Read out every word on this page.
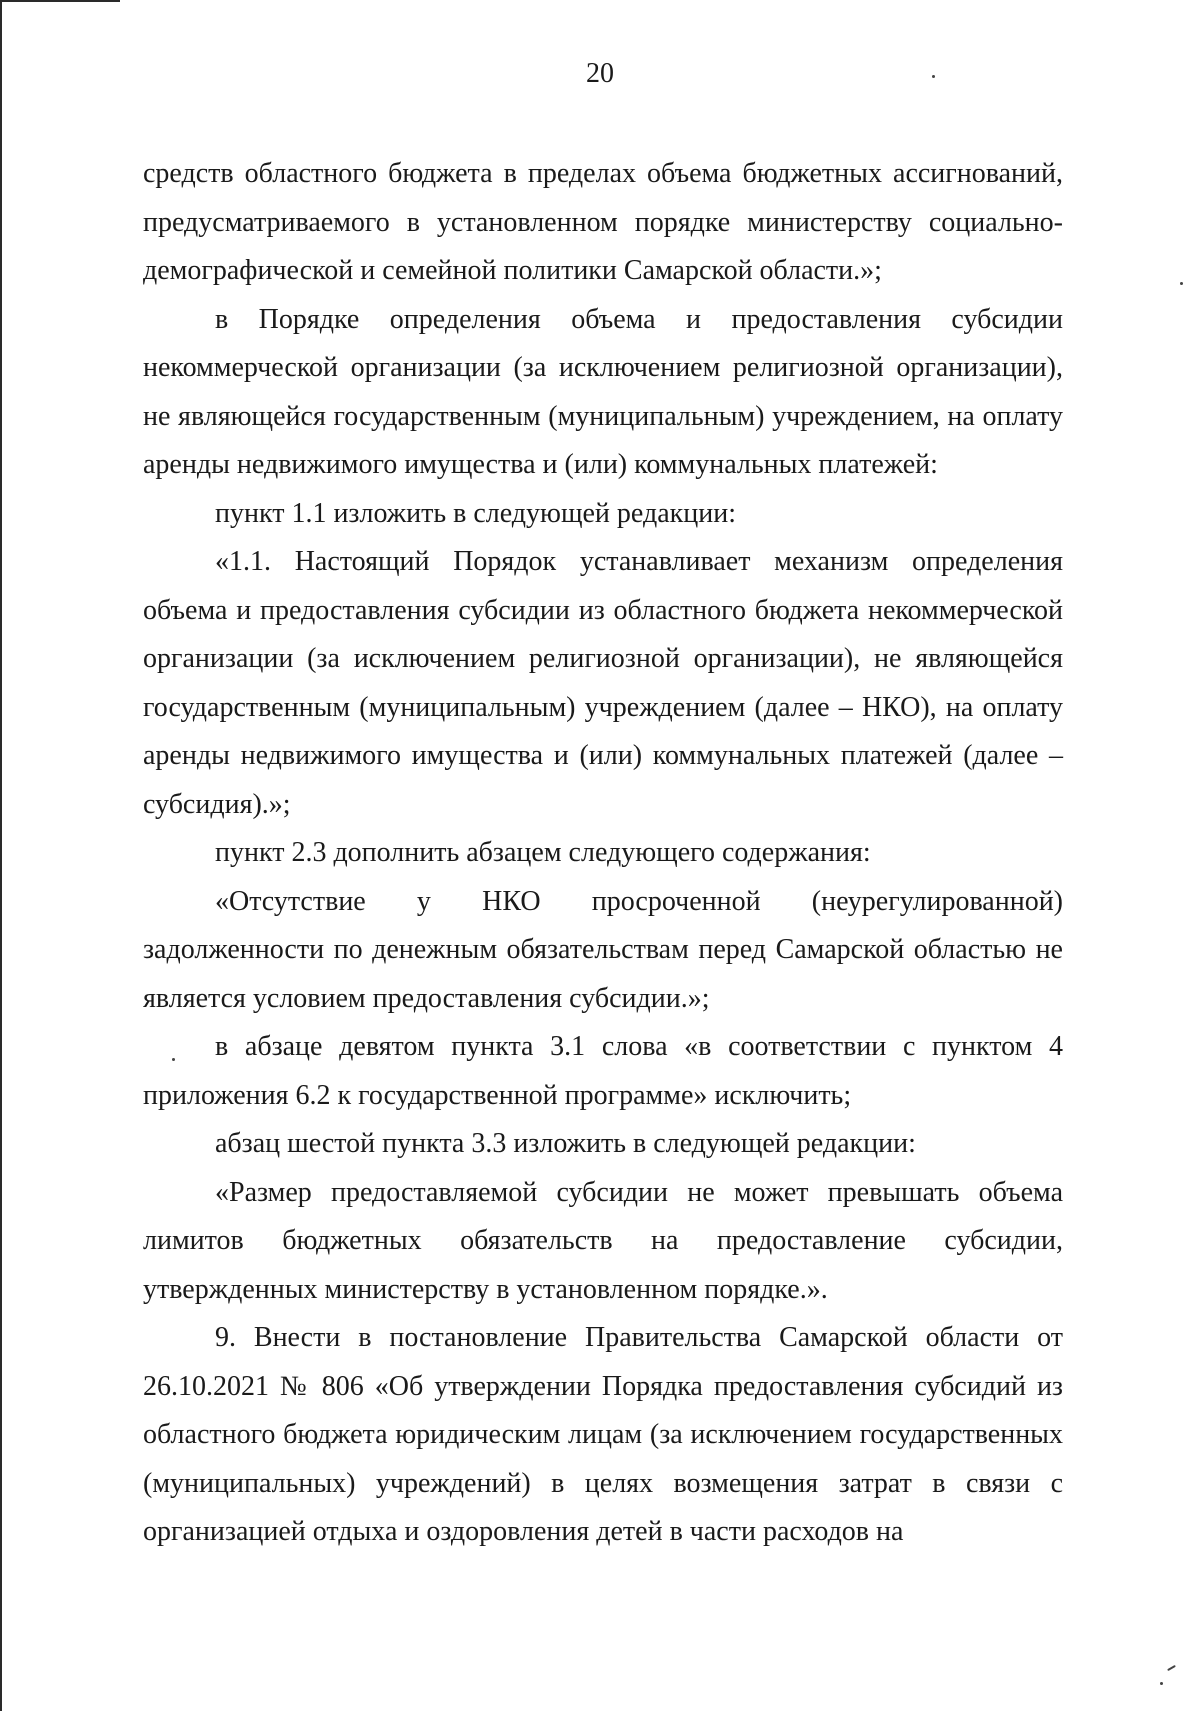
20

средств областного бюджета в пределах объема бюджетных ассигнований, предусматриваемого в установленном порядке министерству социально-демографической и семейной политики Самарской области.»;

в Порядке определения объема и предоставления субсидии некоммерческой организации (за исключением религиозной организации), не являющейся государственным (муниципальным) учреждением, на оплату аренды недвижимого имущества и (или) коммунальных платежей:

пункт 1.1 изложить в следующей редакции:

«1.1. Настоящий Порядок устанавливает механизм определения объема и предоставления субсидии из областного бюджета некоммерческой организации (за исключением религиозной организации), не являющейся государственным (муниципальным) учреждением (далее – НКО), на оплату аренды недвижимого имущества и (или) коммунальных платежей (далее – субсидия).»;

пункт 2.3 дополнить абзацем следующего содержания:

«Отсутствие у НКО просроченной (неурегулированной) задолженности по денежным обязательствам перед Самарской областью не является условием предоставления субсидии.»;

в абзаце девятом пункта 3.1 слова «в соответствии с пунктом 4 приложения 6.2 к государственной программе» исключить;

абзац шестой пункта 3.3 изложить в следующей редакции:

«Размер предоставляемой субсидии не может превышать объема лимитов бюджетных обязательств на предоставление субсидии, утвержденных министерству в установленном порядке.».

9. Внести в постановление Правительства Самарской области от 26.10.2021 № 806 «Об утверждении Порядка предоставления субсидий из областного бюджета юридическим лицам (за исключением государственных (муниципальных) учреждений) в целях возмещения затрат в связи с организацией отдыха и оздоровления детей в части расходов на
